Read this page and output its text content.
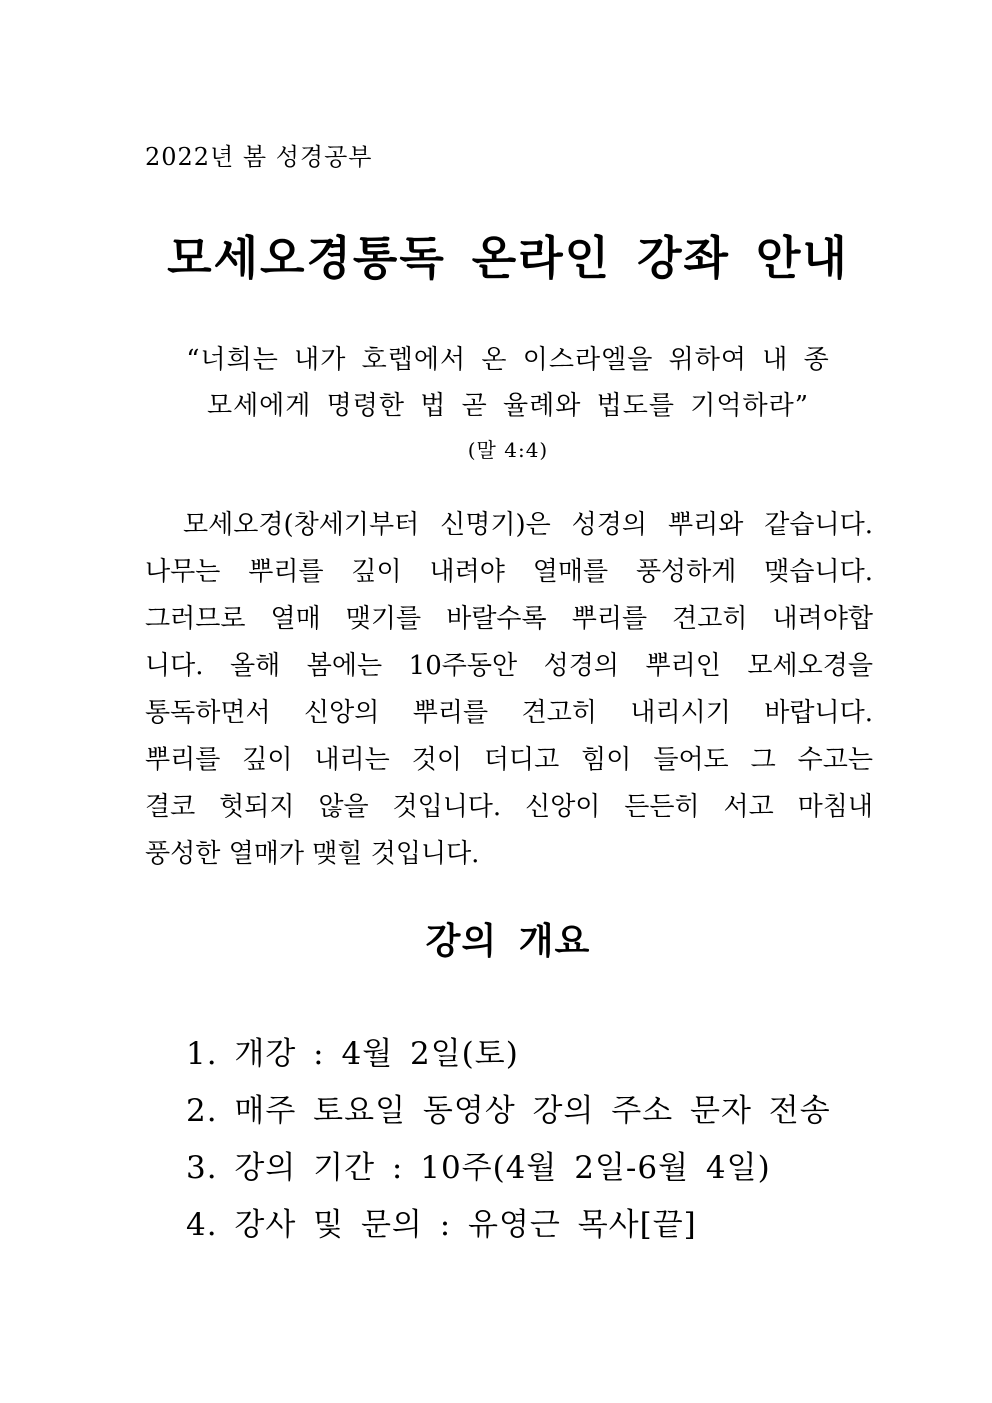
2022년 봄 성경공부
모세오경통독 온라인 강좌 안내
“너희는 내가 호렙에서 온 이스라엘을 위하여 내 종
모세에게 명령한 법 곧 율례와 법도를 기억하라”
(말 4:4)
모세오경(창세기부터 신명기)은 성경의 뿌리와 같습니다.
나무는 뿌리를 깊이 내려야 열매를 풍성하게 맺습니다.
그러므로 열매 맺기를 바랄수록 뿌리를 견고히 내려야합
니다. 올해 봄에는 10주동안 성경의 뿌리인 모세오경을
통독하면서 신앙의 뿌리를 견고히 내리시기 바랍니다.
뿌리를 깊이 내리는 것이 더디고 힘이 들어도 그 수고는
결코 헛되지 않을 것입니다. 신앙이 든든히 서고 마침내
풍성한 열매가 맺힐 것입니다.
강의 개요
1. 개강 : 4월 2일(토)
2. 매주 토요일 동영상 강의 주소 문자 전송
3. 강의 기간 : 10주(4월 2일-6월 4일)
4. 강사 및 문의 : 유영근 목사[끝]
